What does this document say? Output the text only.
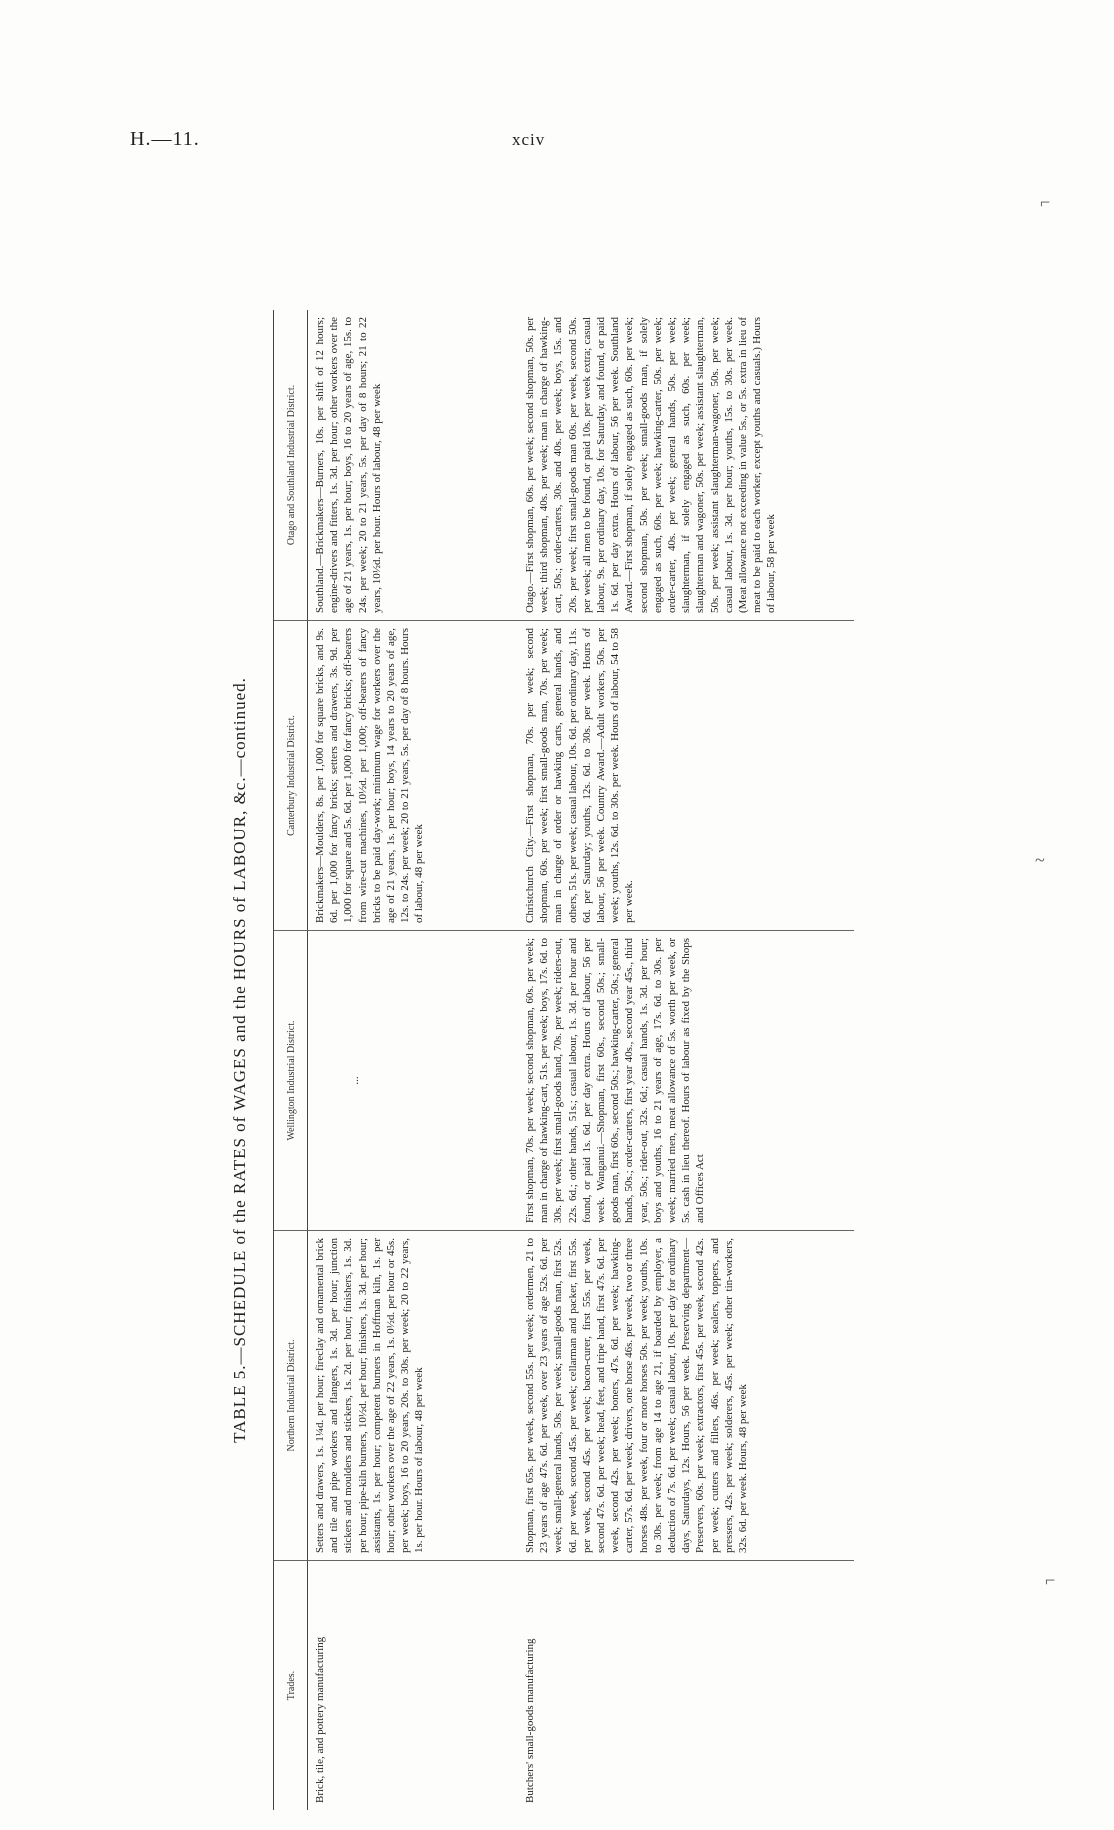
H.—11.	xciv
TABLE 5.—SCHEDULE of the RATES of WAGES and the HOURS of LABOUR, &c.—continued.
Trades.
Northern Industrial District.
Wellington Industrial District.
Canterbury Industrial District.
Otago and Southland Industrial District.
Brick, tile, and pottery manufacturing
Setters and drawers, 1s. 1¼d. per hour; fireclay and ornamental brick and tile and pipe workers and flangers, 1s. 3d. per hour; junction stickers and moulders and stickers, 1s. 2d. per hour; finishers, 1s. 3d. per hour; pipe-kiln burners, 10½d. per hour; finishers, 1s. 3d. per hour; assistants, 1s. per hour; competent burners in Hoffman kiln, 1s. per hour; other workers over the age of 22 years, 1s. 0½d. per hour or 45s. per week; boys, 16 to 20 years, 20s. to 30s. per week; 20 to 22 years, 1s. per hour. Hours of labour, 48 per week
...
Brickmakers—Moulders, 8s. per 1,000 for square bricks, and 9s. 6d. per 1,000 for fancy bricks; setters and drawers, 3s. 9d. per 1,000 for square and 5s. 6d. per 1,000 for fancy bricks; off-bearers from wire-cut machines, 10½d. per 1,000; off-bearers of fancy bricks to be paid day-work; minimum wage for workers over the age of 21 years, 1s. per hour; boys, 14 years to 20 years of age, 12s. to 24s. per week; 20 to 21 years, 5s. per day of 8 hours. Hours of labour, 48 per week
Southland.—Brickmakers—Burners, 10s. per shift of 12 hours; engine-drivers and fitters, 1s. 3d. per hour; other workers over the age of 21 years, 1s. per hour; boys, 16 to 20 years of age, 15s. to 24s. per week; 20 to 21 years, 5s. per day of 8 hours; 21 to 22 years, 10½d. per hour. Hours of labour, 48 per week
Butchers' small-goods manufacturing
Shopman, first 65s. per week, second 55s. per week; ordermen, 21 to 23 years of age 47s. 6d. per week, over 23 years of age 52s. 6d. per week; small-general hands, 50s. per week; small-goods man, first 52s. 6d. per week, second 45s. per week; cellarman and packer, first 55s. per week, second 45s. per week; bacon-curer, first 55s. per week, second 47s. 6d. per week; head, feet, and tripe hand, first 47s. 6d. per week, second 42s. per week; boners, 47s. 6d. per week; hawking-carter, 57s. 6d. per week; drivers, one horse 46s. per week, two or three horses 48s. per week, four or more horses 50s. per week; youths, 10s. to 30s. per week; from age 14 to age 21, if boarded by employer, a deduction of 7s. 6d. per week; casual labour, 10s. per day for ordinary days, Saturdays, 12s. Hours, 56 per week. Preserving department—Preservers, 60s. per week; extractors, first 45s. per week, second 42s. per week; cutters and fillers, 46s. per week; sealers, toppers, and pressers, 42s. per week; solderers, 45s. per week; other tin-workers, 32s. 6d. per week. Hours, 48 per week
First shopman, 70s. per week; second shopman, 60s. per week; man in charge of hawking-cart, 51s. per week; boys, 17s. 6d. to 30s. per week; first small-goods hand, 70s. per week; riders-out, 22s. 6d.; other hands, 51s.; casual labour, 1s. 3d. per hour and found, or paid 1s. 6d. per day extra. Hours of labour, 56 per week. Wanganui.—Shopman, first 60s., second 50s.; small-goods man, first 60s., second 50s.; hawking-carter, 50s.; general hands, 50s.; order-carters, first year 40s., second year 45s., third year, 50s.; rider-out, 32s. 6d.; casual hands, 1s. 3d. per hour; boys and youths, 16 to 21 years of age, 17s. 6d. to 30s. per week; married men, meat allowance of 5s. worth per week, or 5s. cash in lieu thereof. Hours of labour as fixed by the Shops and Offices Act
Christchurch City.—First shopman, 70s. per week; second shopman, 60s. per week; first small-goods man, 70s. per week; man in charge of order or hawking carts, general hands, and others, 51s. per week; casual labour, 10s. 6d. per ordinary day, 11s. 6d. per Saturday; youths, 12s. 6d. to 30s. per week. Hours of labour, 56 per week. Country Award.—Adult workers, 50s. per week; youths, 12s. 6d. to 30s. per week. Hours of labour, 54 to 58 per week.
Otago.—First shopman, 60s. per week; second shopman, 50s. per week; third shopman, 40s. per week; man in charge of hawking-cart, 50s.; order-carters, 30s. and 40s. per week; boys, 15s. and 20s. per week; first small-goods man 60s. per week, second 50s. per week; all men to be found, or paid 10s. per week extra; casual labour, 9s. per ordinary day, 10s. for Saturday, and found, or paid 1s. 6d. per day extra. Hours of labour, 56 per week. Southland Award.—First shopman, if solely engaged as such, 60s. per week; second shopman, 50s. per week; small-goods man, if solely engaged as such, 60s. per week; hawking-carter, 50s. per week; order-carter, 40s. per week; general hands, 50s. per week; slaughterman, if solely engaged as such, 60s. per week; slaughterman and wagoner, 50s. per week; assistant slaughterman, 50s. per week; assistant slaughterman-wagoner, 50s. per week; casual labour, 1s. 3d. per hour; youths, 15s. to 30s. per week. (Meat allowance not exceeding in value 5s., or 5s. extra in lieu of meat to be paid to each worker, except youths and casuals.) Hours of labour, 58 per week
⌐
~
⌐
